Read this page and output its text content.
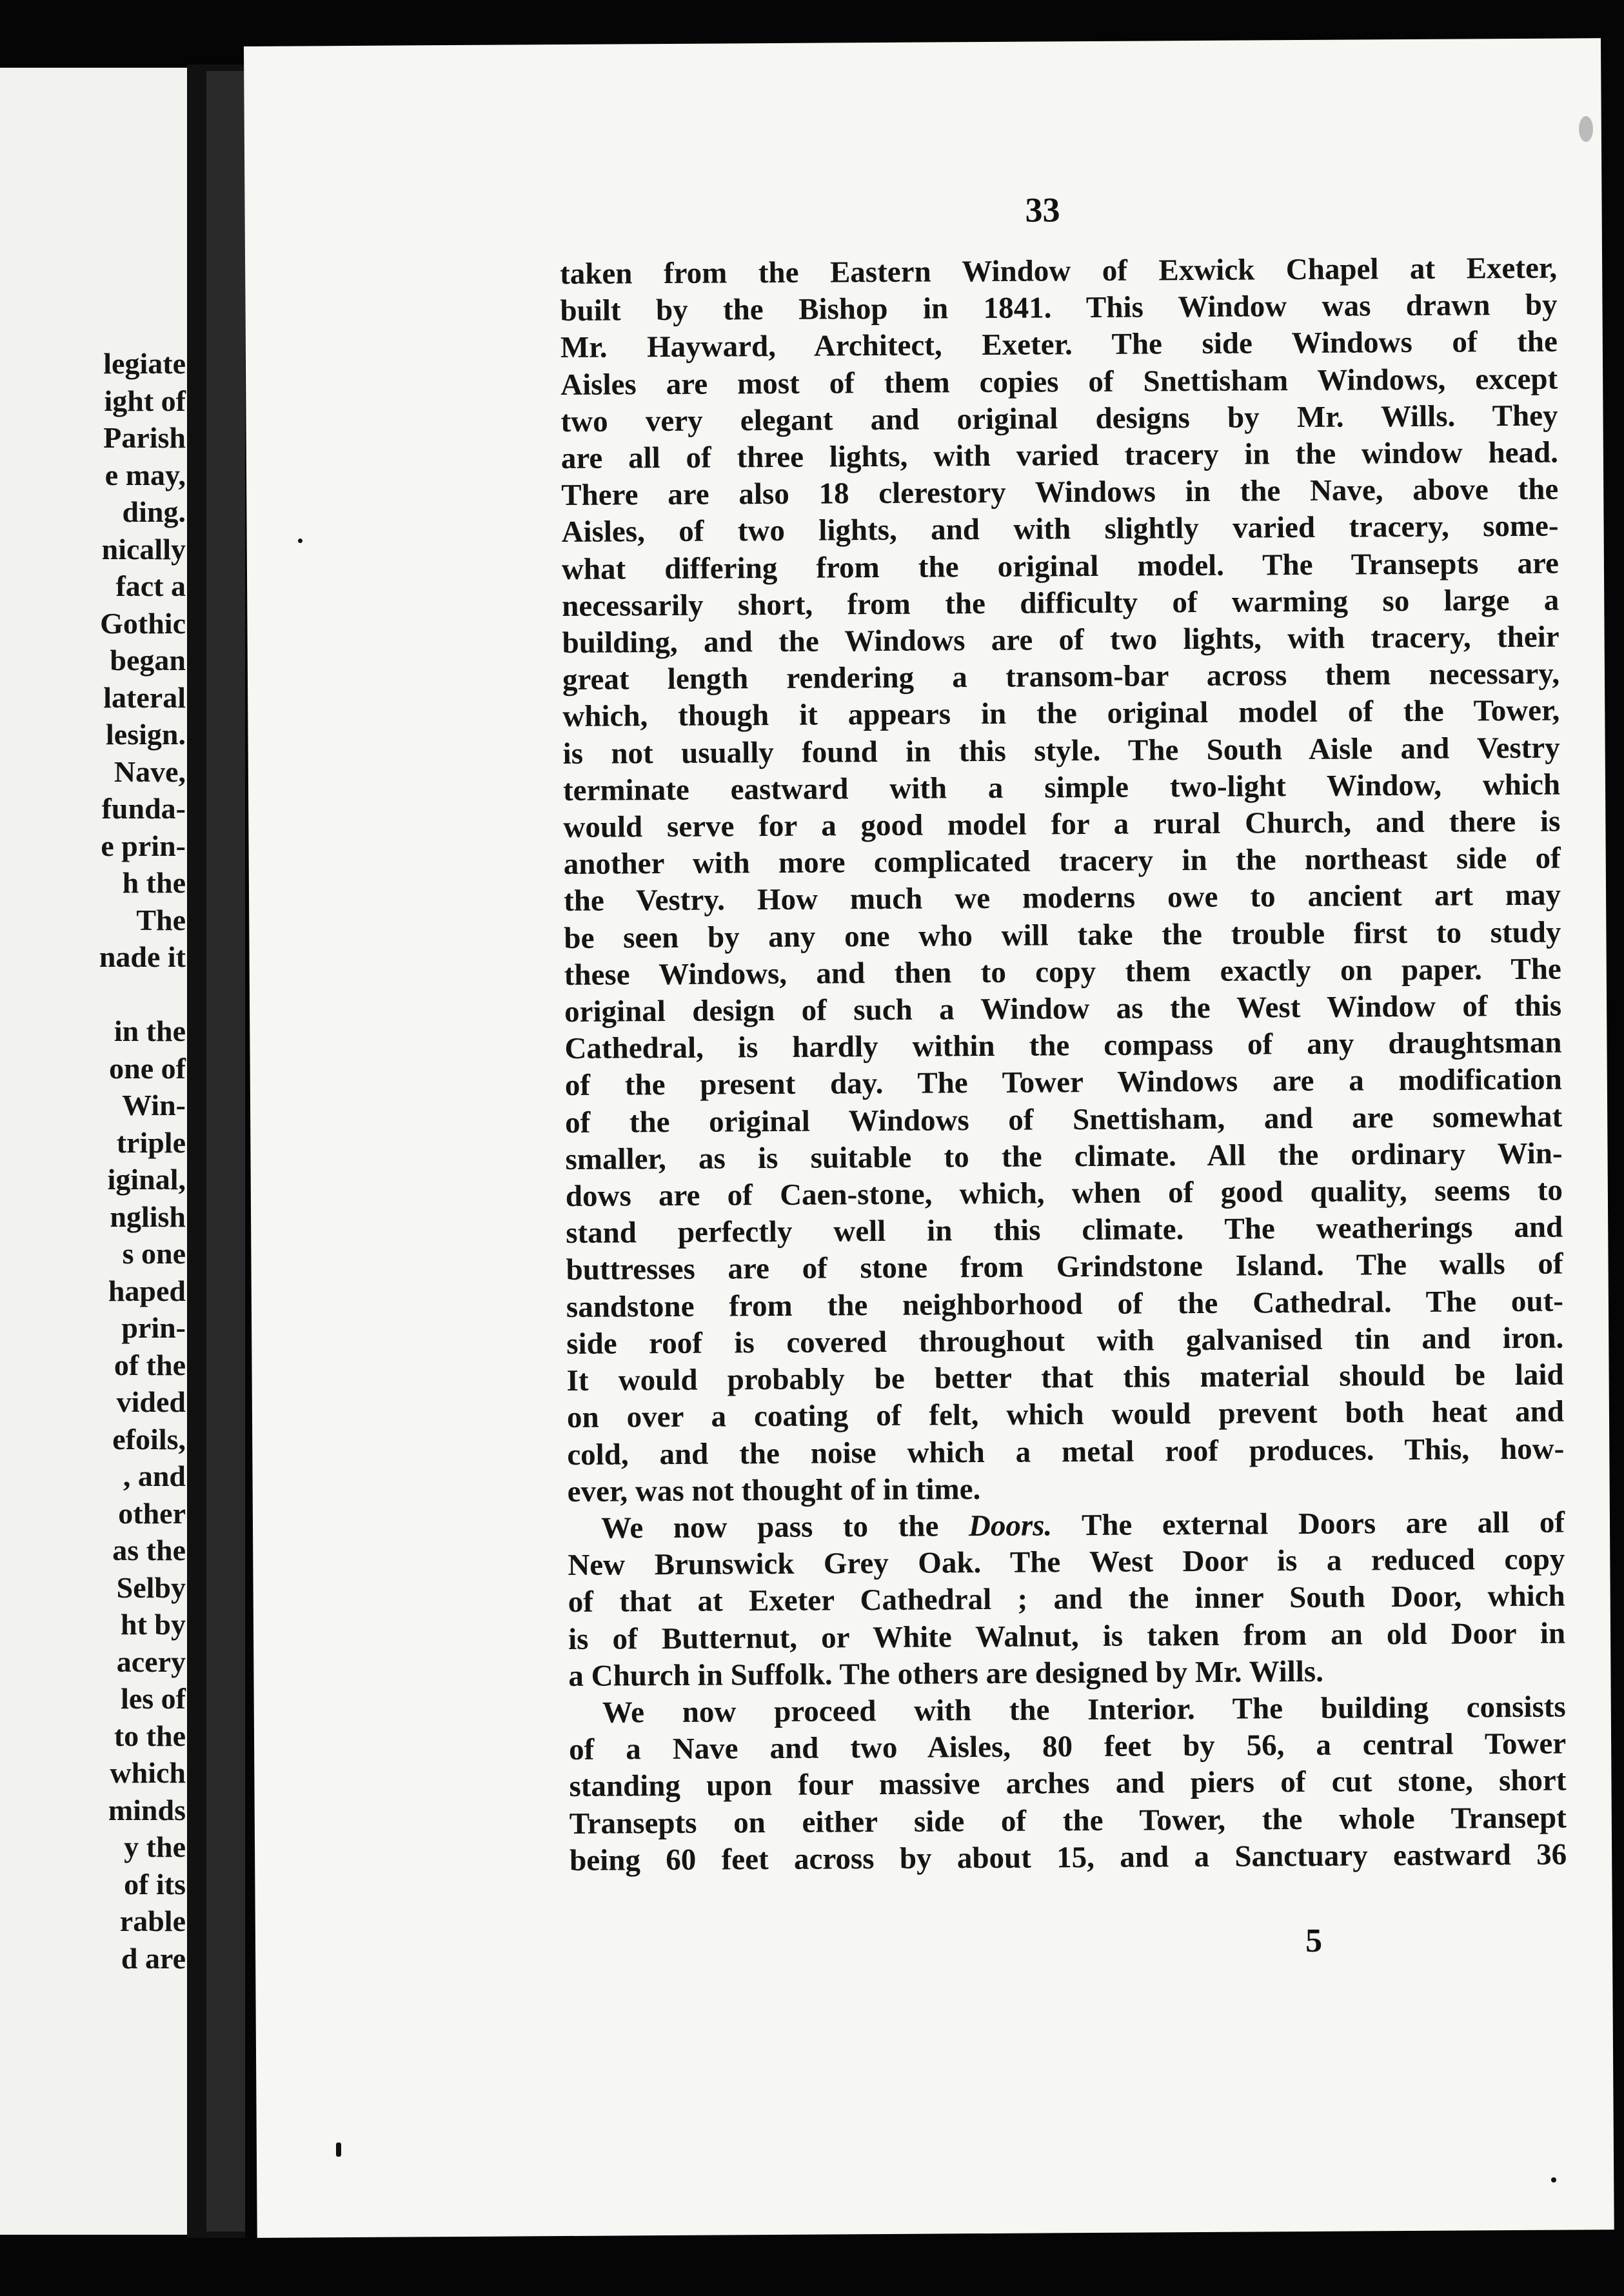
legiate
ight of
Parish
e may,
ding.
nically
fact a
Gothic
began
lateral
lesign.
Nave,
funda-
e prin-
h the
The
nade it

in the
one of
Win-
triple
iginal,
nglish
s one
haped
prin-
of the
vided
efoils,
, and
other
as the
Selby
ht by
acery
les of
to the
which
minds
y the
of its
rable
d are
33
taken from the Eastern Window of Exwick Chapel at Exeter,
built by the Bishop in 1841. This Window was drawn by
Mr. Hayward, Architect, Exeter. The side Windows of the
Aisles are most of them copies of Snettisham Windows, except
two very elegant and original designs by Mr. Wills. They
are all of three lights, with varied tracery in the window head.
There are also 18 clerestory Windows in the Nave, above the
Aisles, of two lights, and with slightly varied tracery, some-
what differing from the original model. The Transepts are
necessarily short, from the difficulty of warming so large a
building, and the Windows are of two lights, with tracery, their
great length rendering a transom-bar across them necessary,
which, though it appears in the original model of the Tower,
is not usually found in this style. The South Aisle and Vestry
terminate eastward with a simple two-light Window, which
would serve for a good model for a rural Church, and there is
another with more complicated tracery in the northeast side of
the Vestry. How much we moderns owe to ancient art may
be seen by any one who will take the trouble first to study
these Windows, and then to copy them exactly on paper. The
original design of such a Window as the West Window of this
Cathedral, is hardly within the compass of any draughtsman
of the present day. The Tower Windows are a modification
of the original Windows of Snettisham, and are somewhat
smaller, as is suitable to the climate. All the ordinary Win-
dows are of Caen-stone, which, when of good quality, seems to
stand perfectly well in this climate. The weatherings and
buttresses are of stone from Grindstone Island. The walls of
sandstone from the neighborhood of the Cathedral. The out-
side roof is covered throughout with galvanised tin and iron.
It would probably be better that this material should be laid
on over a coating of felt, which would prevent both heat and
cold, and the noise which a metal roof produces. This, how-
ever, was not thought of in time.
We now pass to the Doors. The external Doors are all of
New Brunswick Grey Oak. The West Door is a reduced copy
of that at Exeter Cathedral ; and the inner South Door, which
is of Butternut, or White Walnut, is taken from an old Door in
a Church in Suffolk. The others are designed by Mr. Wills.
We now proceed with the Interior. The building consists
of a Nave and two Aisles, 80 feet by 56, a central Tower
standing upon four massive arches and piers of cut stone, short
Transepts on either side of the Tower, the whole Transept
being 60 feet across by about 15, and a Sanctuary eastward 36
5
